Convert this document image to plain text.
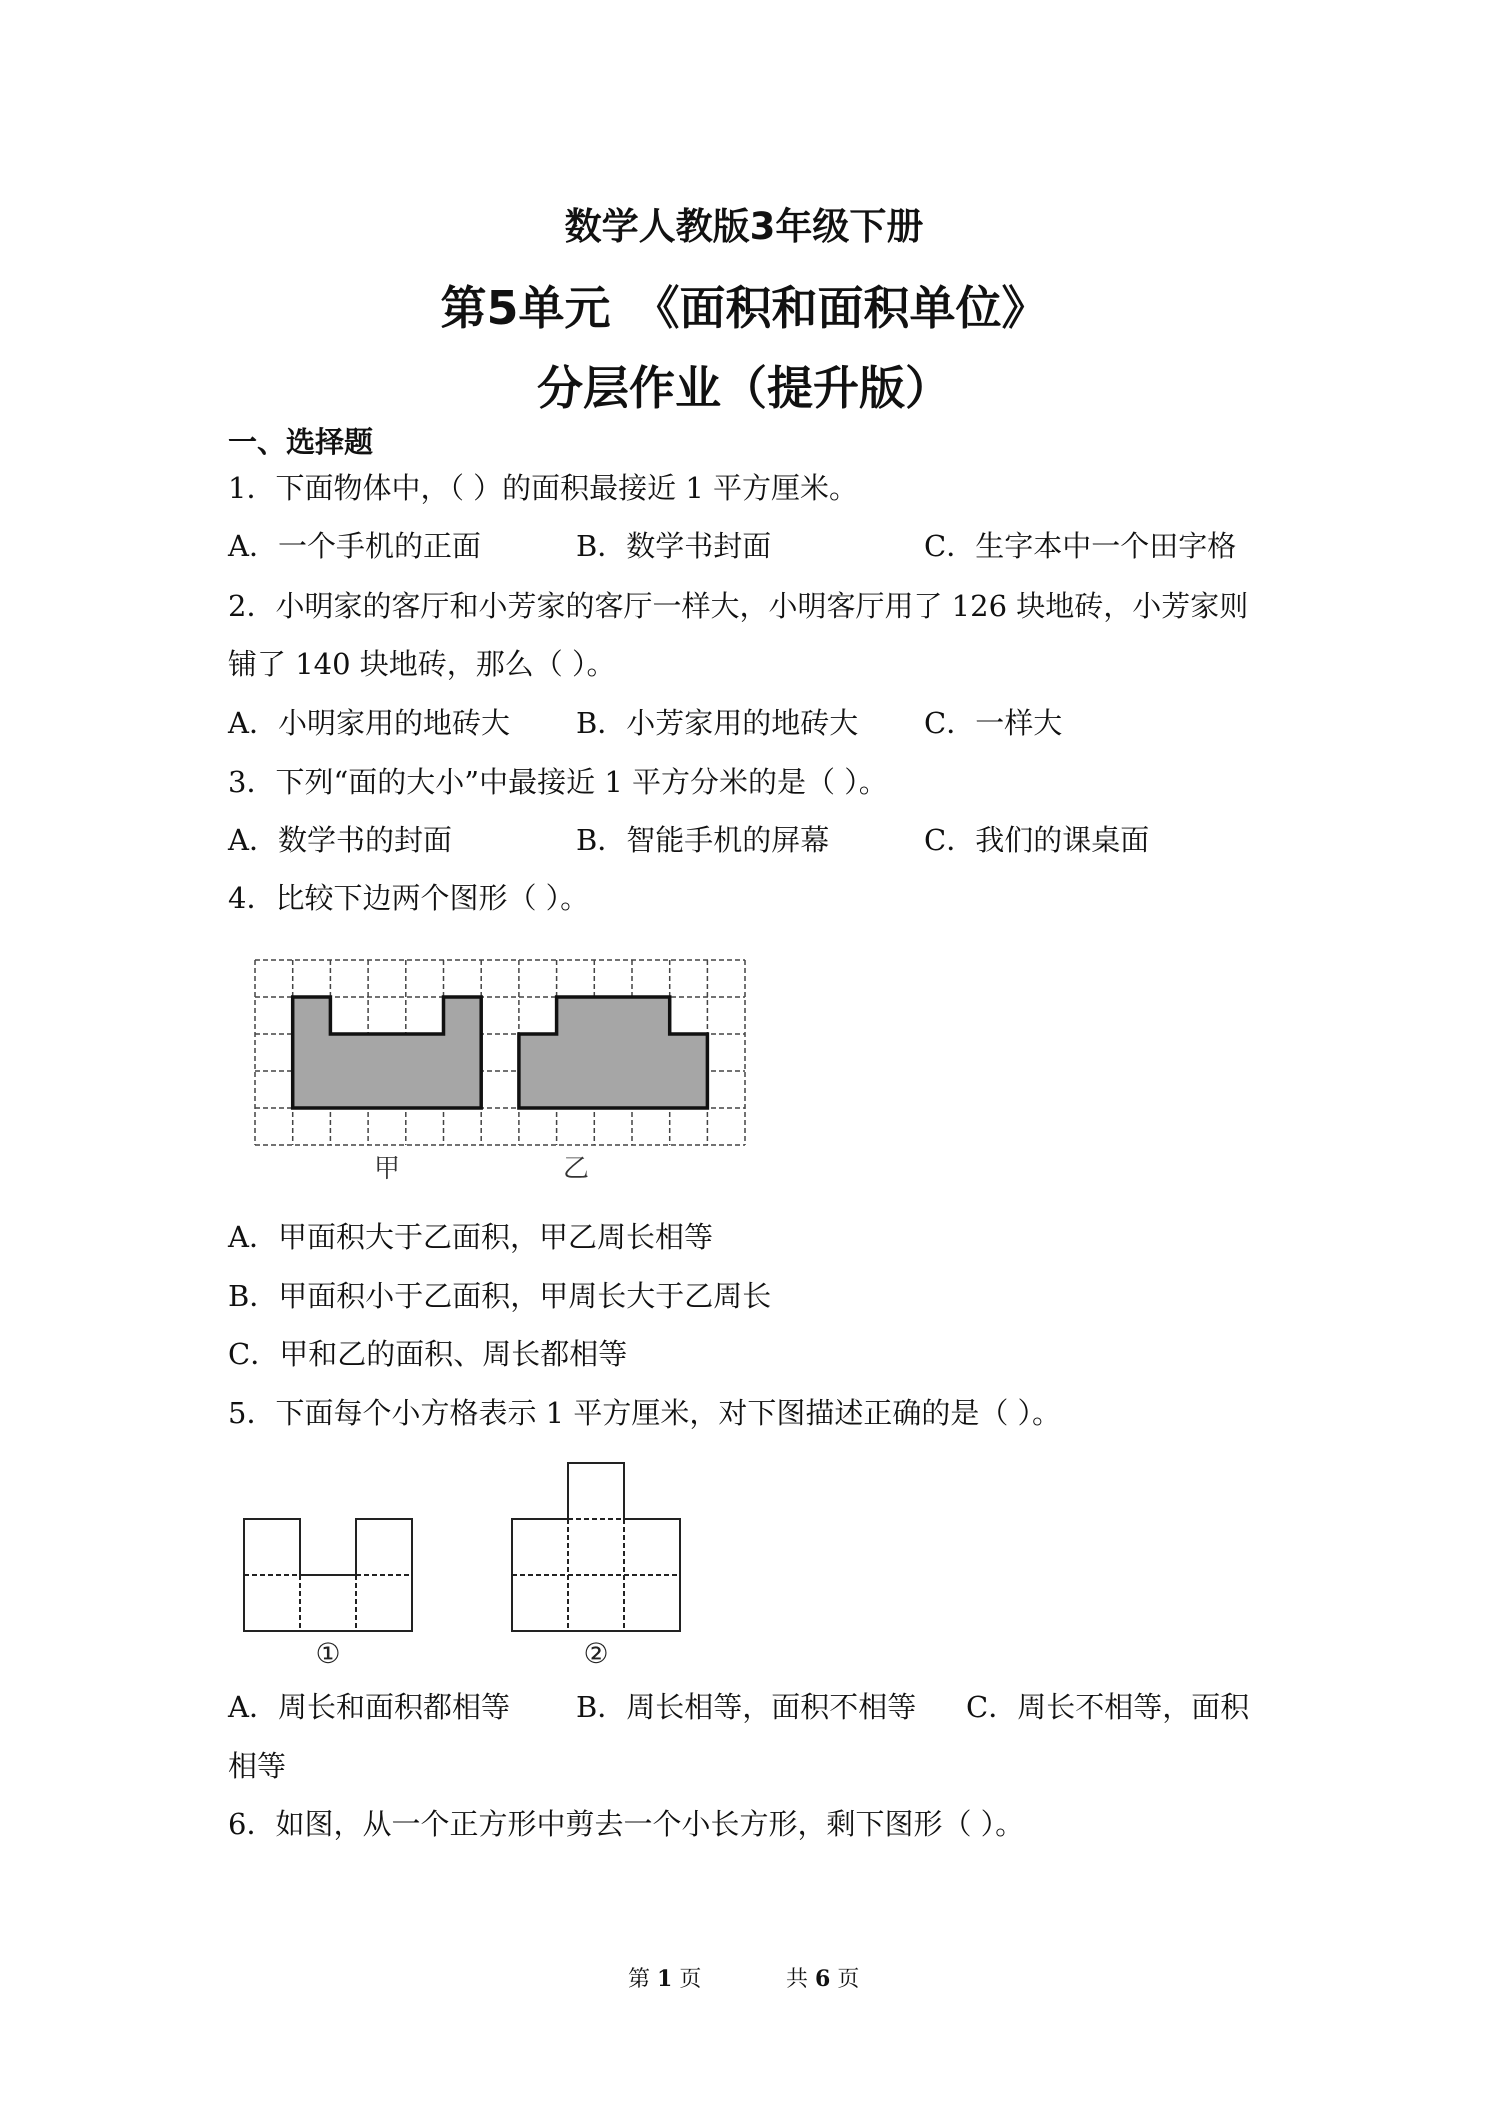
数学人教版3年级下册
第5单元　《面积和面积单位》
分层作业（提升版）
一、选择题
1．下面物体中，（ ）的面积最接近 1 平方厘米。
A．一个手机的正面	B．数学书封面	C．生字本中一个田字格
2．小明家的客厅和小芳家的客厅一样大，小明客厅用了 126 块地砖，小芳家则
铺了 140 块地砖，那么（ ）。
A．小明家用的地砖大 B．小芳家用的地砖大 C．一样大
3．下列“面的大小”中最接近 1 平方分米的是（ ）。
A．数学书的封面	B．智能手机的屏幕	C．我们的课桌面
4．比较下边两个图形（ ）。
甲	乙
A．甲面积大于乙面积，甲乙周长相等
B．甲面积小于乙面积，甲周长大于乙周长
C．甲和乙的面积、周长都相等
5．下面每个小方格表示 1 平方厘米，对下图描述正确的是（ ）。
①	②
A．周长和面积都相等 B．周长相等，面积不相等 C．周长不相等，面积
相等
6．如图，从一个正方形中剪去一个小长方形，剩下图形（ ）。
第 1 页	共 6 页
